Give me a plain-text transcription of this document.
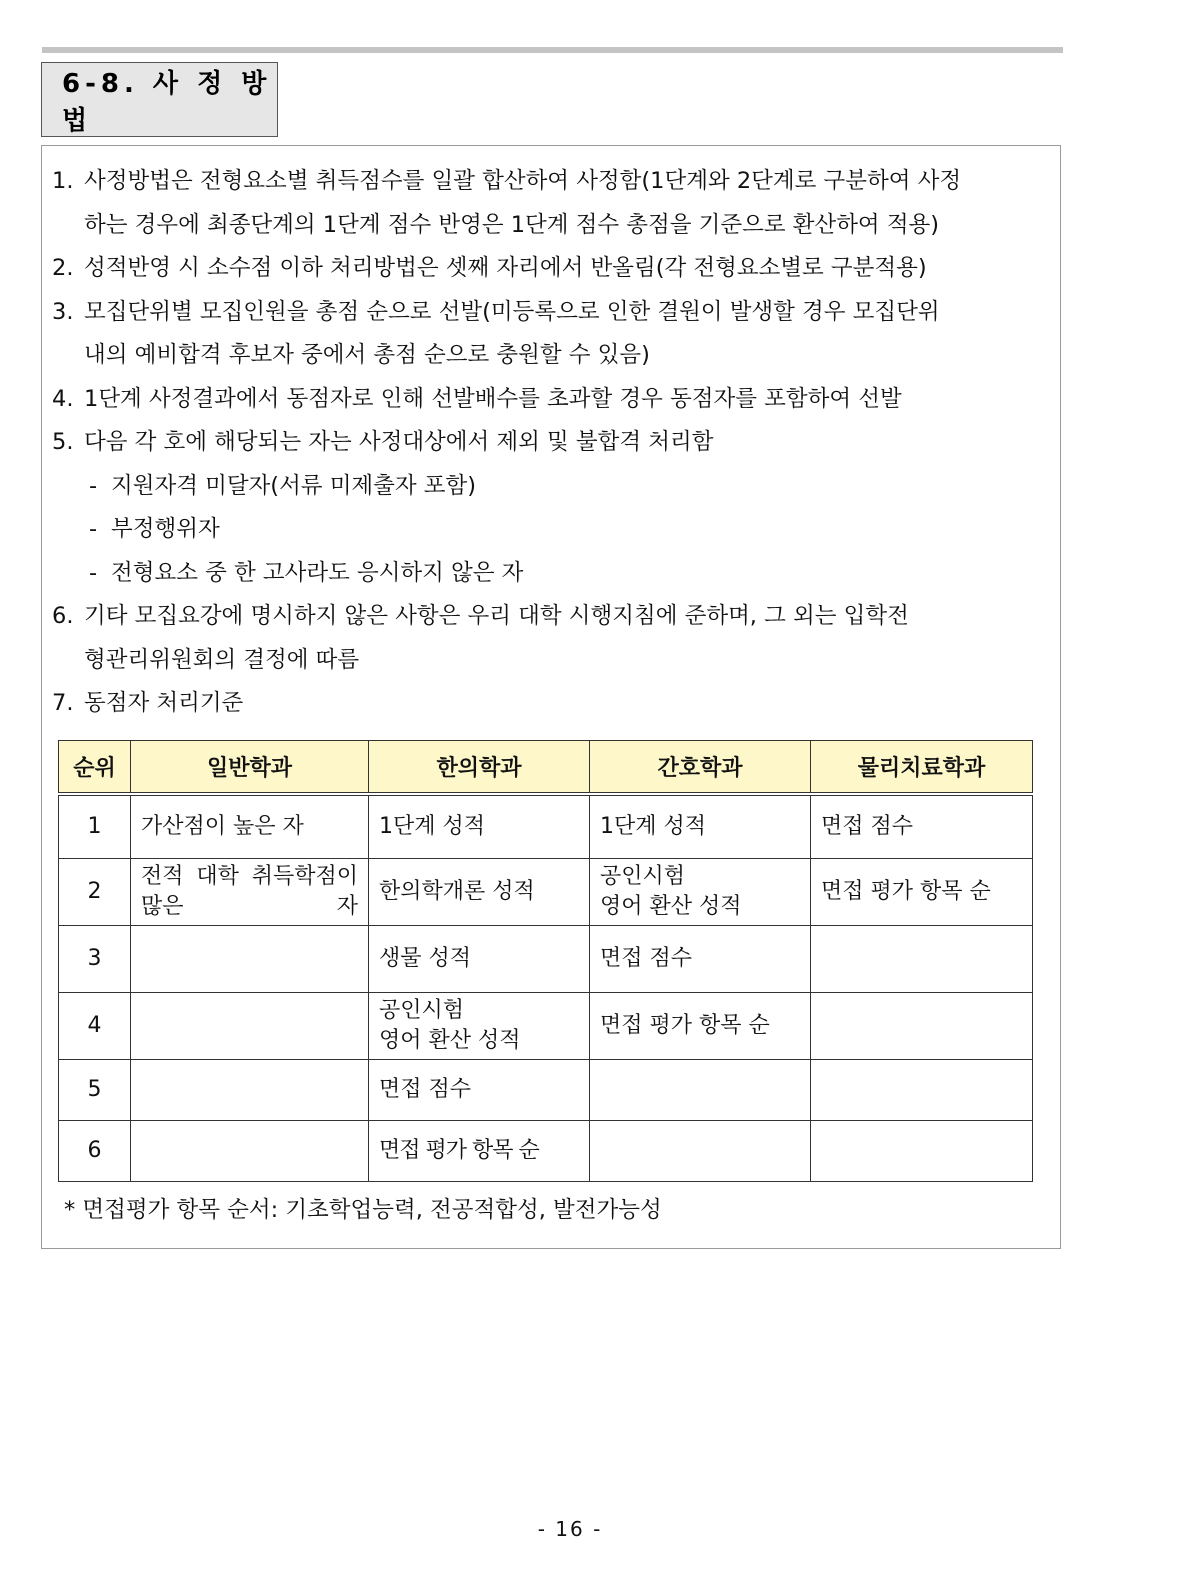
6-8. 사 정 방 법
1. 사정방법은 전형요소별 취득점수를 일괄 합산하여 사정함(1단계와 2단계로 구분하여 사정
하는 경우에 최종단계의 1단계 점수 반영은 1단계 점수 총점을 기준으로 환산하여 적용)
2. 성적반영 시 소수점 이하 처리방법은 셋째 자리에서 반올림(각 전형요소별로 구분적용)
3. 모집단위별 모집인원을 총점 순으로 선발(미등록으로 인한 결원이 발생할 경우 모집단위
내의 예비합격 후보자 중에서 총점 순으로 충원할 수 있음)
4. 1단계 사정결과에서 동점자로 인해 선발배수를 초과할 경우 동점자를 포함하여 선발
5. 다음 각 호에 해당되는 자는 사정대상에서 제외 및 불합격 처리함
- 지원자격 미달자(서류 미제출자 포함)
- 부정행위자
- 전형요소 중 한 고사라도 응시하지 않은 자
6. 기타 모집요강에 명시하지 않은 사항은 우리 대학 시행지침에 준하며, 그 외는 입학전
형관리위원회의 결정에 따름
7. 동점자 처리기준
순위	일반학과	한의학과	간호학과	물리치료학과

1	가산점이 높은 자	1단계 성적	1단계 성적	면접 점수
2	전적 대학 취득학점이 많은 자	한의학개론 성적	공인시험
영어 환산 성적	면접 평가 항목 순
3		생물 성적	면접 점수	
4		공인시험
영어 환산 성적	면접 평가 항목 순	
5		면접 점수		
6		면접 평가 항목 순		
* 면접평가 항목 순서: 기초학업능력, 전공적합성, 발전가능성
- 16 -
